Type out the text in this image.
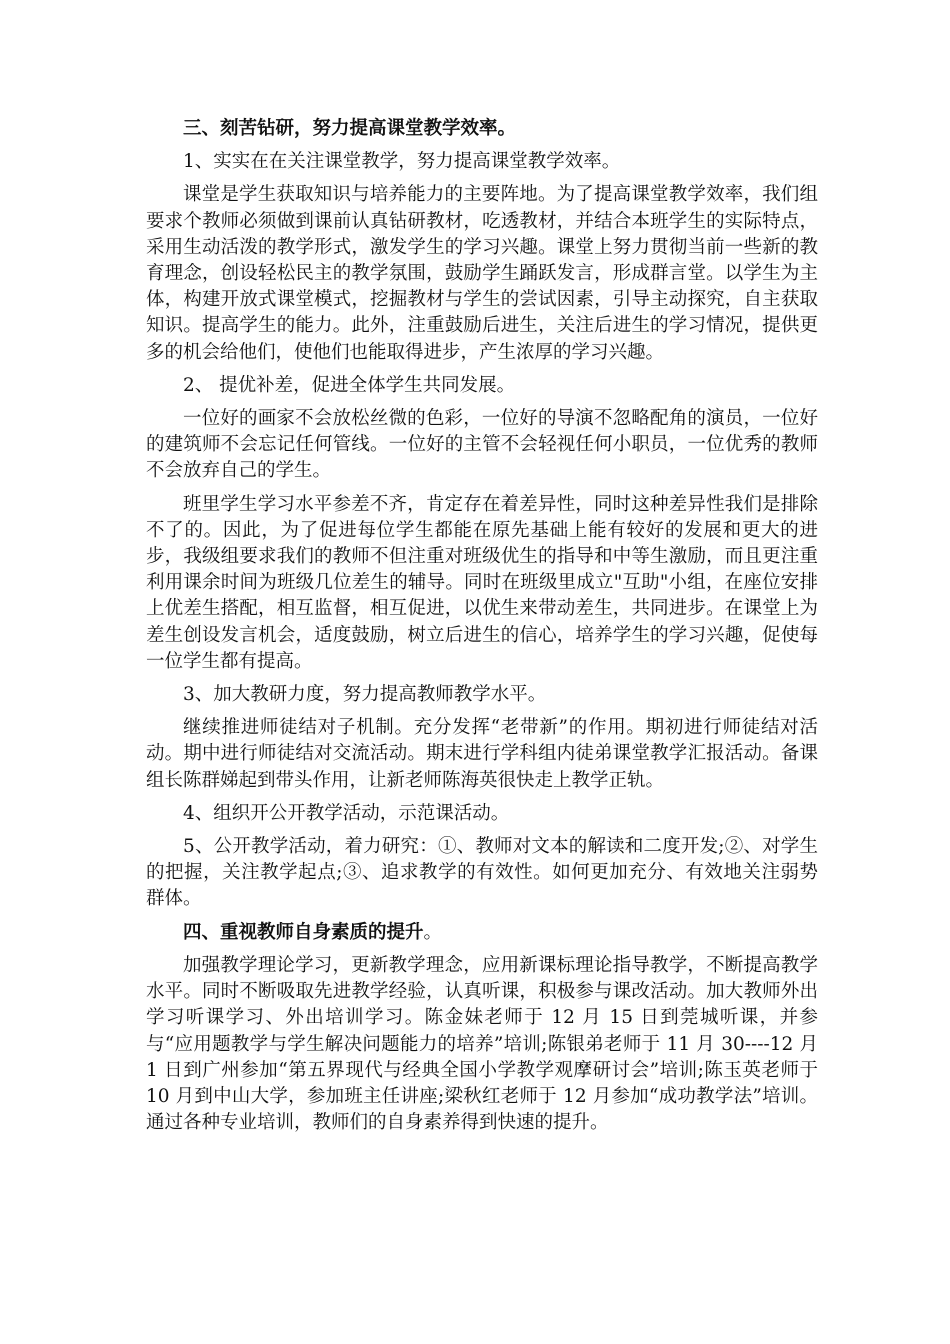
三、刻苦钻研，努力提高课堂教学效率。

1、实实在在关注课堂教学，努力提高课堂教学效率。

课堂是学生获取知识与培养能力的主要阵地。为了提高课堂教学效率，我们组要求个教师必须做到课前认真钻研教材，吃透教材，并结合本班学生的实际特点，采用生动活泼的教学形式，激发学生的学习兴趣。课堂上努力贯彻当前一些新的教育理念，创设轻松民主的教学氛围，鼓励学生踊跃发言，形成群言堂。以学生为主体，构建开放式课堂模式，挖掘教材与学生的尝试因素，引导主动探究，自主获取知识。提高学生的能力。此外，注重鼓励后进生，关注后进生的学习情况，提供更多的机会给他们，使他们也能取得进步，产生浓厚的学习兴趣。

2、 提优补差，促进全体学生共同发展。

一位好的画家不会放松丝微的色彩，一位好的导演不忽略配角的演员，一位好的建筑师不会忘记任何管线。一位好的主管不会轻视任何小职员，一位优秀的教师不会放弃自己的学生。

班里学生学习水平参差不齐，肯定存在着差异性，同时这种差异性我们是排除不了的。因此，为了促进每位学生都能在原先基础上能有较好的发展和更大的进步，我级组要求我们的教师不但注重对班级优生的指导和中等生激励，而且更注重利用课余时间为班级几位差生的辅导。同时在班级里成立"互助"小组，在座位安排上优差生搭配，相互监督，相互促进，以优生来带动差生，共同进步。在课堂上为差生创设发言机会，适度鼓励，树立后进生的信心，培养学生的学习兴趣，促使每一位学生都有提高。

3、加大教研力度，努力提高教师教学水平。

继续推进师徒结对子机制。充分发挥“老带新”的作用。期初进行师徒结对活动。期中进行师徒结对交流活动。期末进行学科组内徒弟课堂教学汇报活动。备课组长陈群娣起到带头作用，让新老师陈海英很快走上教学正轨。

4、组织开公开教学活动，示范课活动。

5、公开教学活动，着力研究：①、教师对文本的解读和二度开发;②、对学生的把握，关注教学起点;③、追求教学的有效性。如何更加充分、有效地关注弱势群体。

四、重视教师自身素质的提升。

加强教学理论学习，更新教学理念，应用新课标理论指导教学，不断提高教学水平。同时不断吸取先进教学经验，认真听课，积极参与课改活动。加大教师外出学习听课学习、外出培训学习。陈金妹老师于 12 月 15 日到莞城听课，并参与“应用题教学与学生解决问题能力的培养”培训;陈银弟老师于 11 月 30----12 月 1 日到广州参加“第五界现代与经典全国小学教学观摩研讨会”培训;陈玉英老师于 10 月到中山大学，参加班主任讲座;梁秋红老师于 12 月参加“成功教学法”培训。通过各种专业培训，教师们的自身素养得到快速的提升。
